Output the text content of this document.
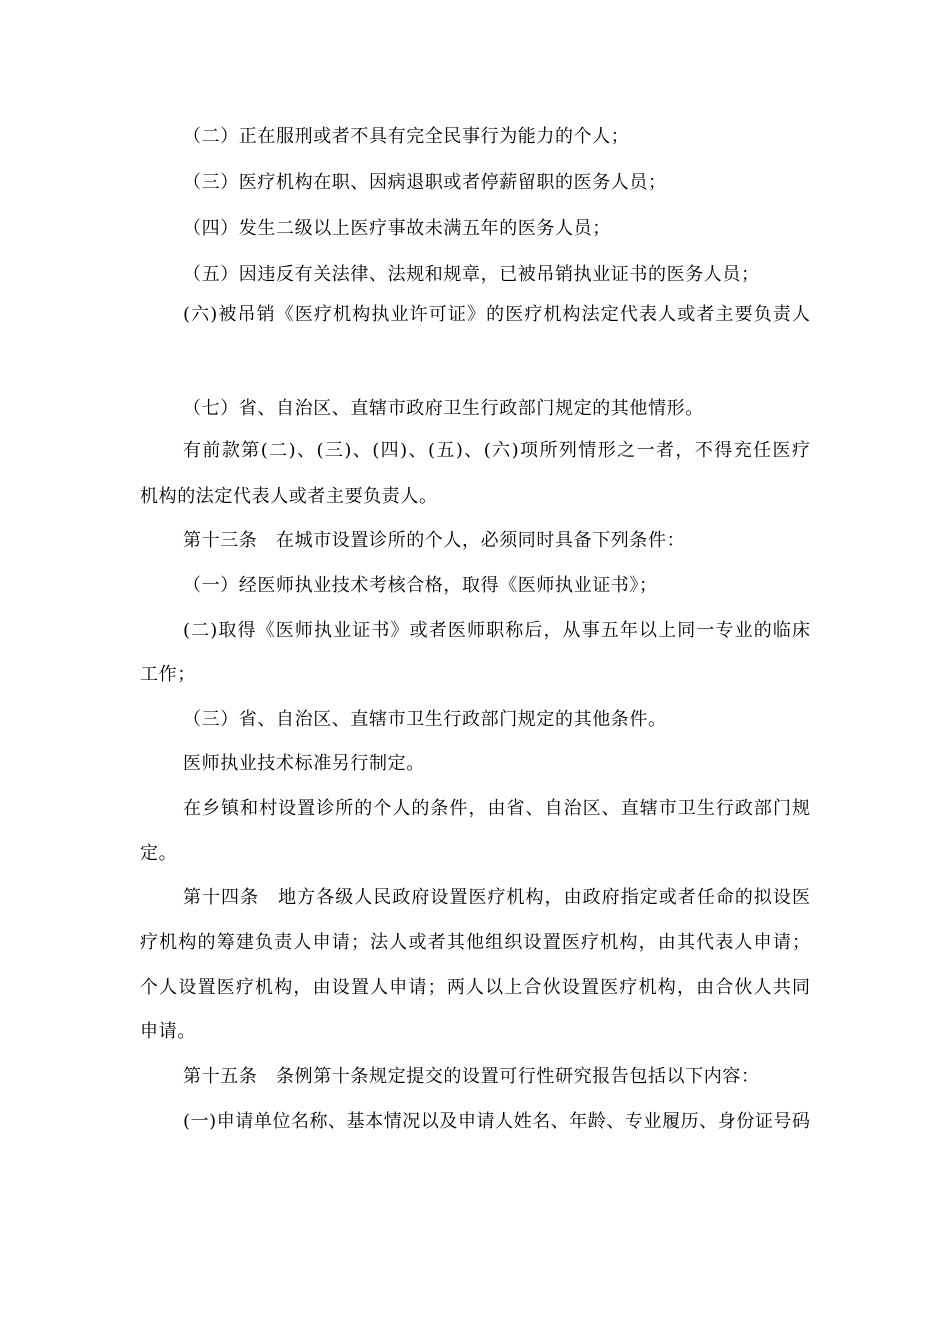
（二）正在服刑或者不具有完全民事行为能力的个人；
（三）医疗机构在职、因病退职或者停薪留职的医务人员；
（四）发生二级以上医疗事故未满五年的医务人员；
（五）因违反有关法律、法规和规章，已被吊销执业证书的医务人员；
(六)被吊销《医疗机构执业许可证》的医疗机构法定代表人或者主要负责人
（七）省、自治区、直辖市政府卫生行政部门规定的其他情形。
有前款第(二)、(三)、(四)、(五)、(六)项所列情形之一者，不得充任医疗
机构的法定代表人或者主要负责人。
第十三条　在城市设置诊所的个人，必须同时具备下列条件：
（一）经医师执业技术考核合格，取得《医师执业证书》；
(二)取得《医师执业证书》或者医师职称后，从事五年以上同一专业的临床
工作；
（三）省、自治区、直辖市卫生行政部门规定的其他条件。
医师执业技术标准另行制定。
在乡镇和村设置诊所的个人的条件，由省、自治区、直辖市卫生行政部门规
定。
第十四条　地方各级人民政府设置医疗机构，由政府指定或者任命的拟设医
疗机构的筹建负责人申请；法人或者其他组织设置医疗机构，由其代表人申请；
个人设置医疗机构，由设置人申请；两人以上合伙设置医疗机构，由合伙人共同
申请。
第十五条　条例第十条规定提交的设置可行性研究报告包括以下内容：
(一)申请单位名称、基本情况以及申请人姓名、年龄、专业履历、身份证号码
